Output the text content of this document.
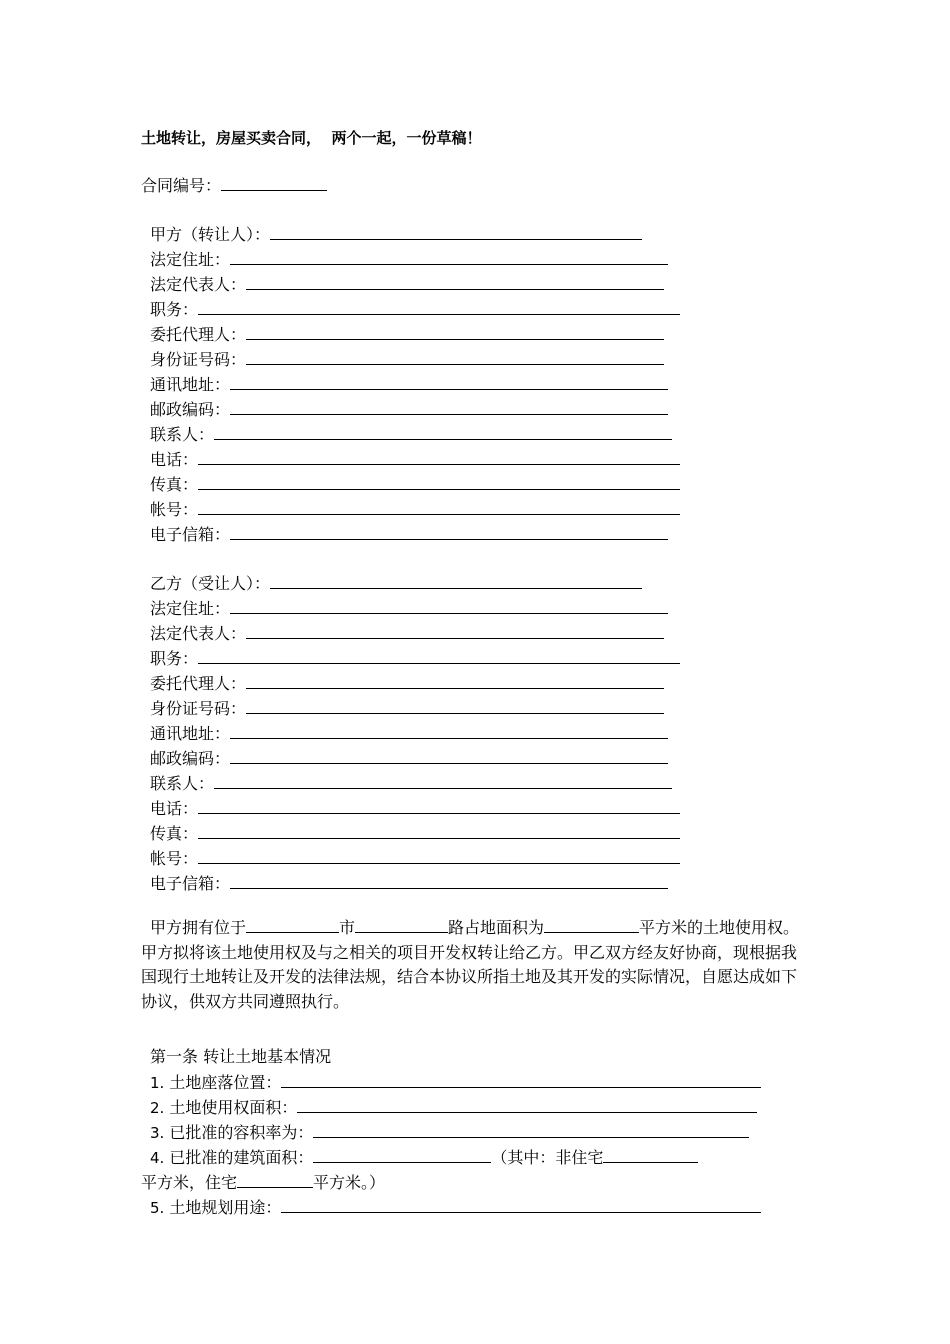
土地转让，房屋买卖合同，  两个一起，一份草稿！
合同编号：
甲方（转让人）：
法定住址：
法定代表人：
职务：
委托代理人：
身份证号码：
通讯地址：
邮政编码：
联系人：
电话：
传真：
帐号：
电子信箱：
乙方（受让人）：
法定住址：
法定代表人：
职务：
委托代理人：
身份证号码：
通讯地址：
邮政编码：
联系人：
电话：
传真：
帐号：
电子信箱：
甲方拥有位于	市	路占地面积为	平方米的土地使用权。甲方拟将该土地使用权及与之相关的项目开发权转让给乙方。甲乙双方经友好协商，现根据我国现行土地转让及开发的法律法规，结合本协议所指土地及其开发的实际情况，自愿达成如下协议，供双方共同遵照执行。
第一条 转让土地基本情况
1. 土地座落位置：
2. 土地使用权面积：
3. 已批准的容积率为：
4. 已批准的建筑面积：	（其中：非住宅
平方米，住宅	平方米。）
5. 土地规划用途：
